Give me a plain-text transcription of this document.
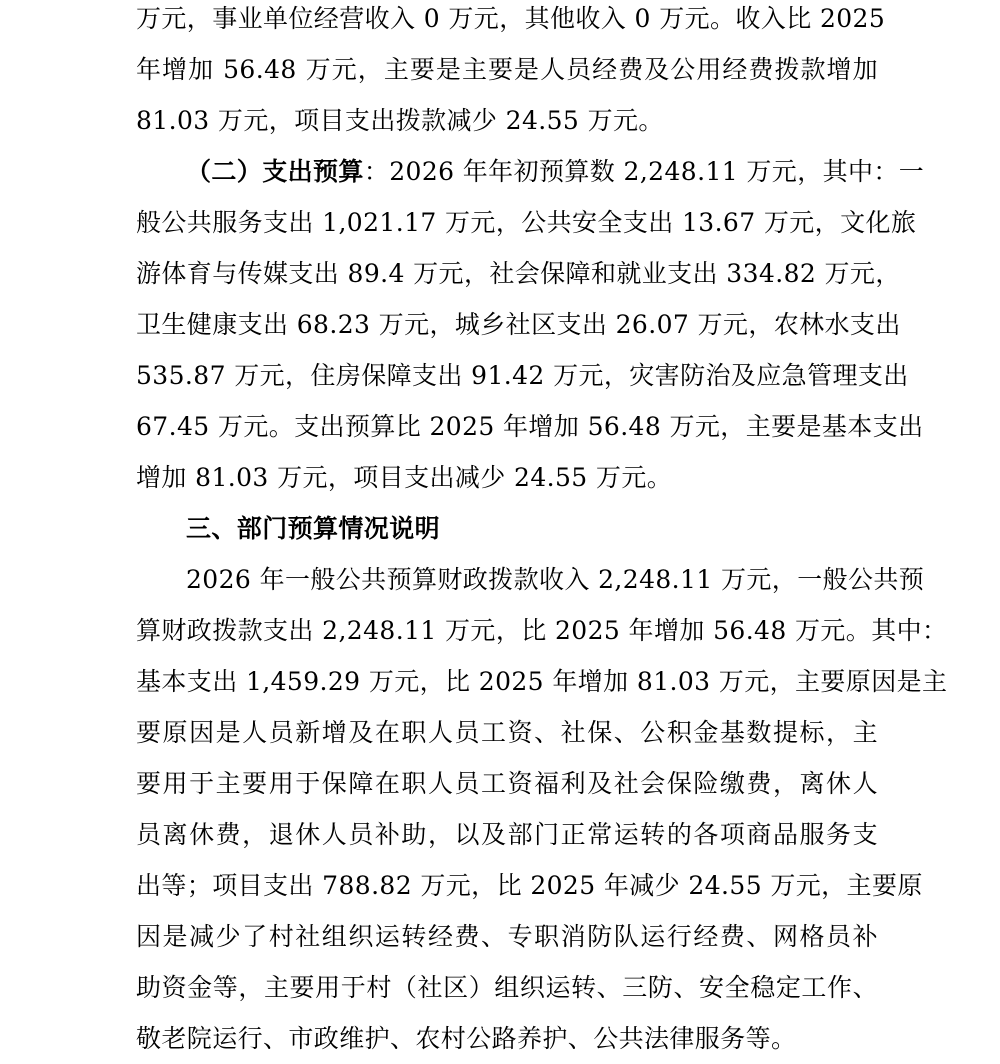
万元，事业单位经营收入 0 万元，其他收入 0 万元。收入比 2025
年增加 56.48 万元，主要是主要是人员经费及公用经费拨款增加
81.03 万元，项目支出拨款减少 24.55 万元。
（二）支出预算：2026 年年初预算数 2,248.11 万元，其中：一
般公共服务支出 1,021.17 万元，公共安全支出 13.67 万元，文化旅
游体育与传媒支出 89.4 万元，社会保障和就业支出 334.82 万元，
卫生健康支出 68.23 万元，城乡社区支出 26.07 万元，农林水支出
535.87 万元，住房保障支出 91.42 万元，灾害防治及应急管理支出
67.45 万元。支出预算比 2025 年增加 56.48 万元，主要是基本支出
增加 81.03 万元，项目支出减少 24.55 万元。
三、部门预算情况说明
2026 年一般公共预算财政拨款收入 2,248.11 万元，一般公共预
算财政拨款支出 2,248.11 万元，比 2025 年增加 56.48 万元。其中：
基本支出 1,459.29 万元，比 2025 年增加 81.03 万元，主要原因是主
要原因是人员新增及在职人员工资、社保、公积金基数提标，主
要用于主要用于保障在职人员工资福利及社会保险缴费，离休人
员离休费，退休人员补助，以及部门正常运转的各项商品服务支
出等；项目支出 788.82 万元，比 2025 年减少 24.55 万元，主要原
因是减少了村社组织运转经费、专职消防队运行经费、网格员补
助资金等，主要用于村（社区）组织运转、三防、安全稳定工作、
敬老院运行、市政维护、农村公路养护、公共法律服务等。
